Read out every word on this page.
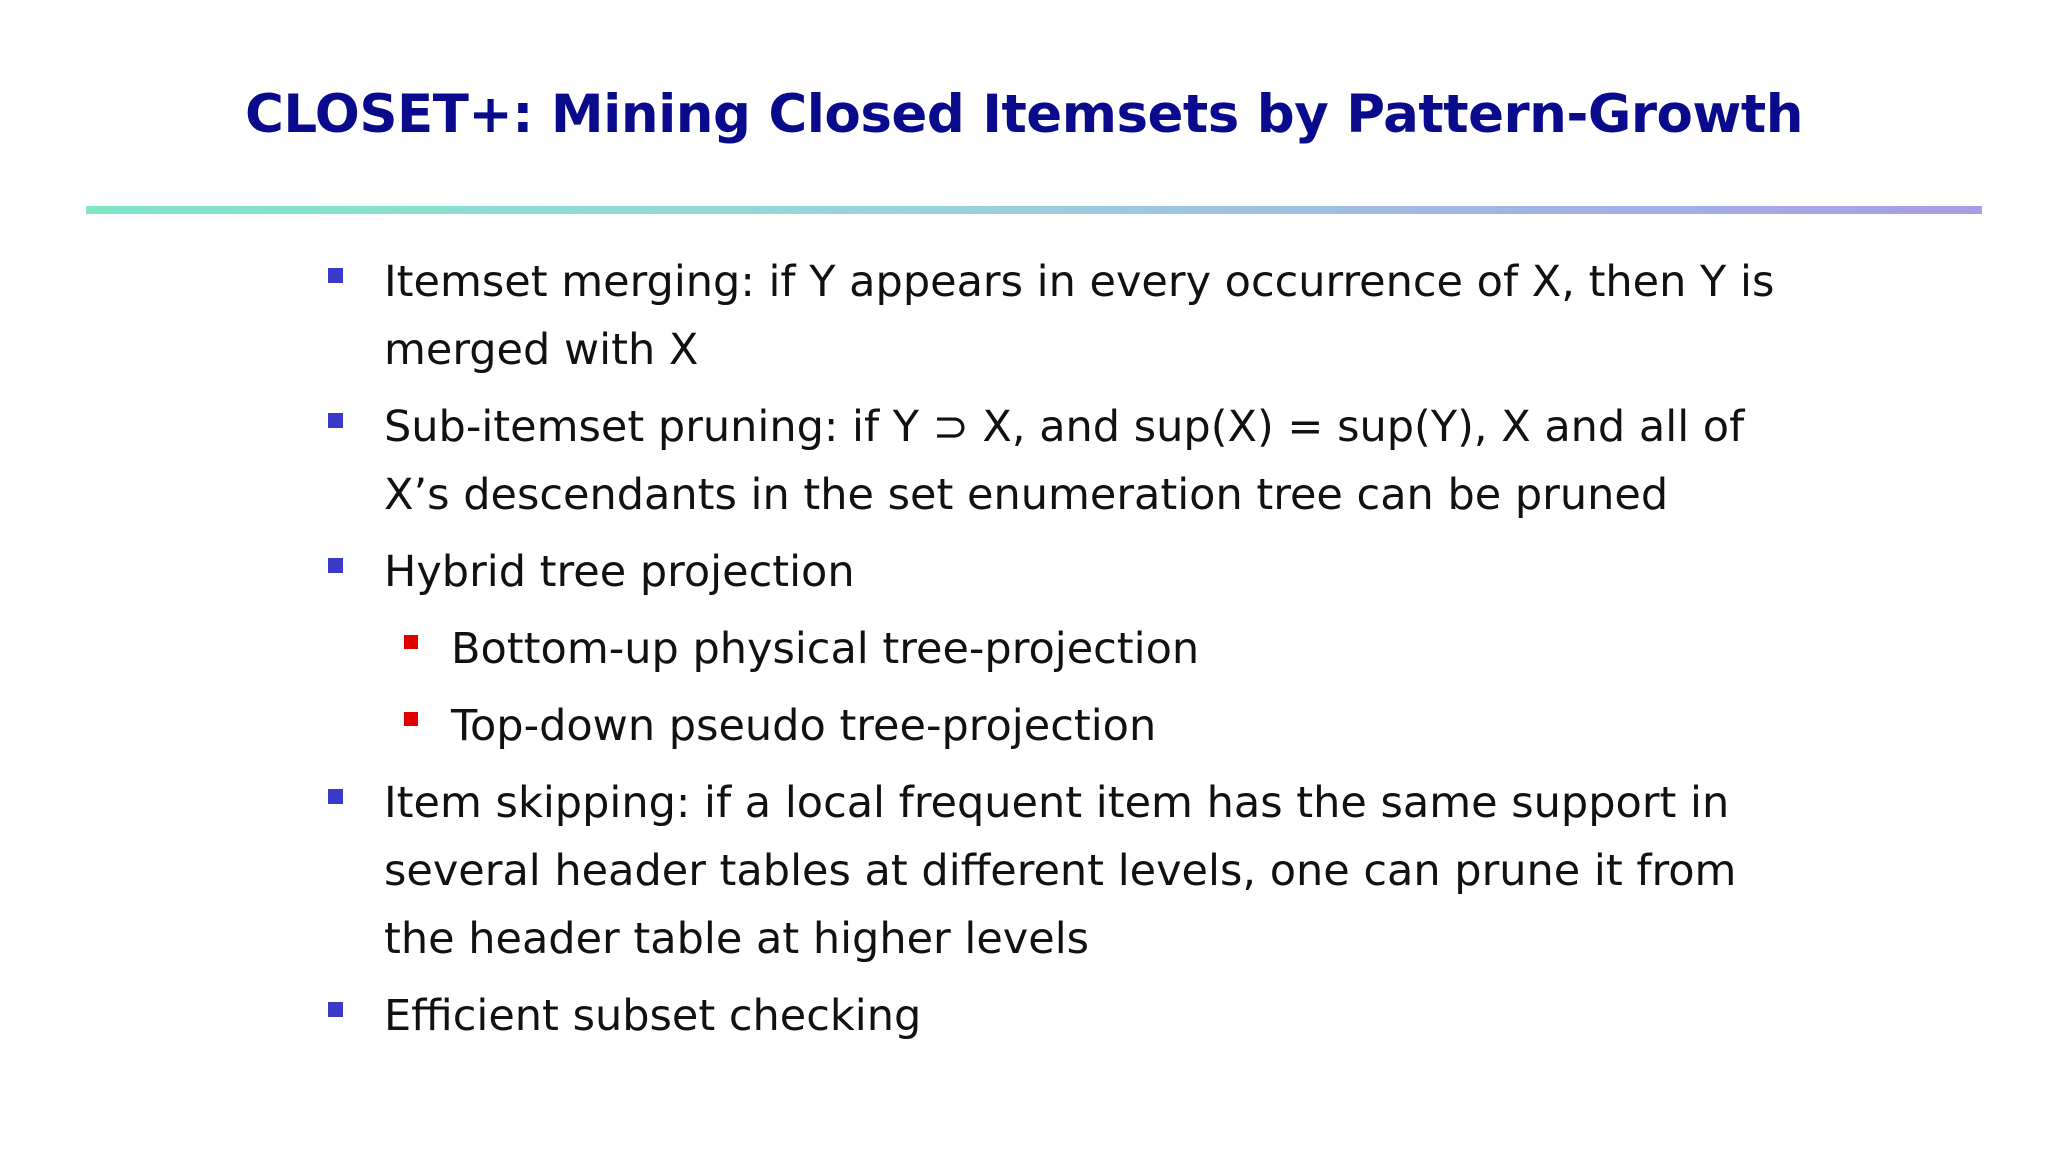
CLOSET+: Mining Closed Itemsets by Pattern-Growth
Itemset merging: if Y appears in every occurrence of X, then Y is merged with X
Sub-itemset pruning: if Y ⊃ X, and sup(X) = sup(Y), X and all of X’s descendants in the set enumeration tree can be pruned
Hybrid tree projection
Bottom-up physical tree-projection
Top-down pseudo tree-projection
Item skipping: if a local frequent item has the same support in several header tables at different levels, one can prune it from the header table at higher levels
Efficient subset checking
